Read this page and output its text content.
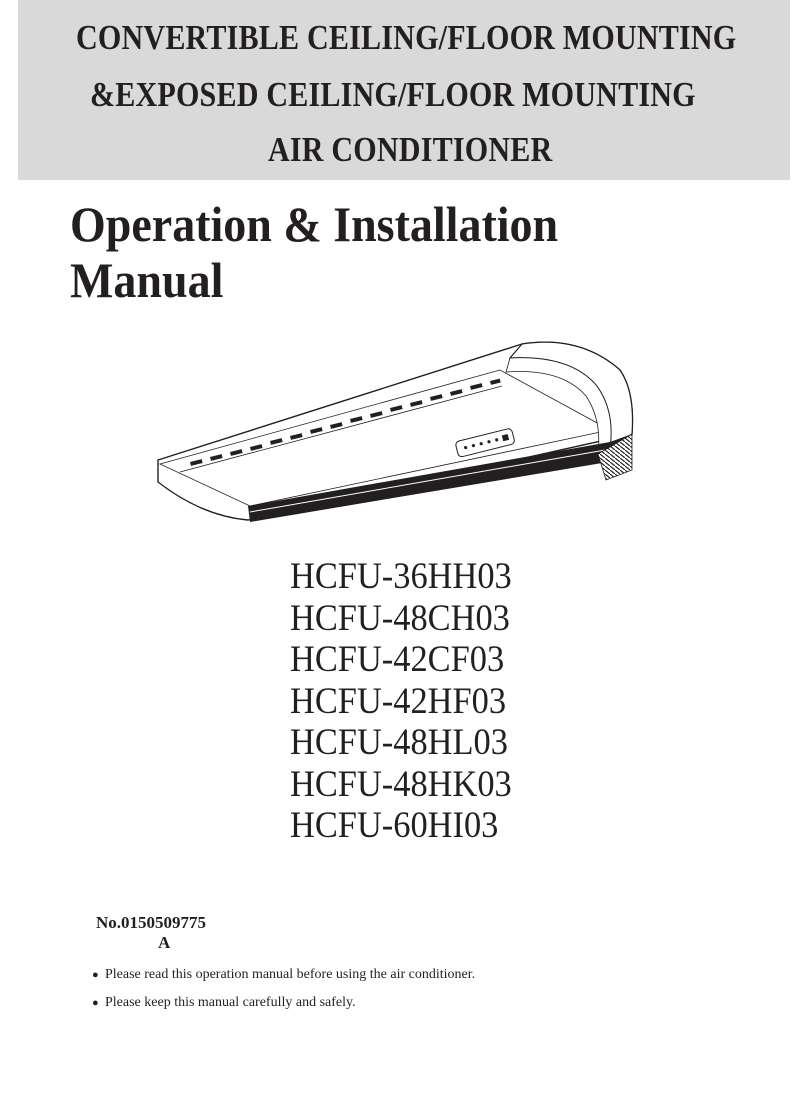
CONVERTIBLE CEILING/FLOOR MOUNTING
&EXPOSED CEILING/FLOOR MOUNTING
AIR CONDITIONER
Operation & Installation
Manual
HCFU-36HH03
HCFU-48CH03
HCFU-42CF03
HCFU-42HF03
HCFU-48HL03
HCFU-48HK03
HCFU-60HI03
No.0150509775
A
● Please read this operation manual before using the air conditioner.
● Please keep this manual carefully and safely.
